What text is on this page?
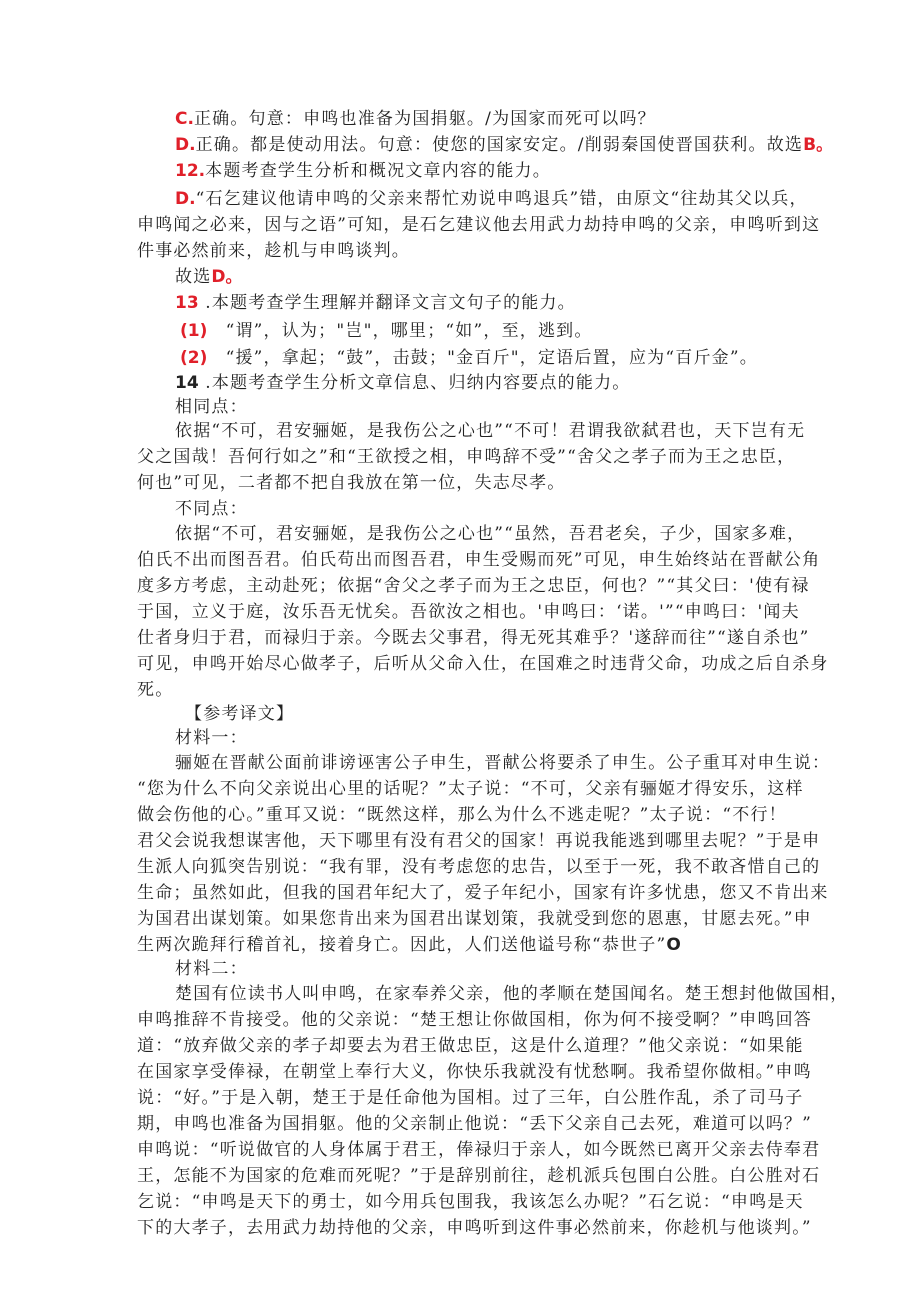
C.正确。句意：申鸣也准备为国捐躯。/为国家而死可以吗？
D.正确。都是使动用法。句意：使您的国家安定。/削弱秦国使晋国获利。故选B。
12.本题考查学生分析和概况文章内容的能力。
D.“石乞建议他请申鸣的父亲来帮忙劝说申鸣退兵”错，由原文“往劫其父以兵，
申鸣闻之必来，因与之语”可知，是石乞建议他去用武力劫持申鸣的父亲，申鸣听到这
件事必然前来，趁机与申鸣谈判。
故选D。
13 .本题考查学生理解并翻译文言文句子的能力。
(1)　“谓”，认为；"岂"，哪里；“如”，至，逃到。
(2)　“援”，拿起；“鼓”，击鼓；"金百斤"，定语后置，应为“百斤金”。
14 .本题考查学生分析文章信息、归纳内容要点的能力。
相同点：
依据“不可，君安骊姬，是我伤公之心也”“不可！君谓我欲弑君也，天下岂有无
父之国哉！吾何行如之”和“王欲授之相，申鸣辞不受”“舍父之孝子而为王之忠臣，
何也”可见，二者都不把自我放在第一位，失志尽孝。
不同点：
依据“不可，君安骊姬，是我伤公之心也”“虽然，吾君老矣，子少，国家多难，
伯氏不出而图吾君。伯氏苟出而图吾君，申生受赐而死”可见，申生始终站在晋献公角
度多方考虑，主动赴死；依据“舍父之孝子而为王之忠臣，何也？”“其父曰：'使有禄
于国，立义于庭，汝乐吾无忧矣。吾欲汝之相也。'申鸣曰：‘诺。'”“申鸣曰：'闻夫
仕者身归于君，而禄归于亲。今既去父事君，得无死其难乎？'遂辞而往”“遂自杀也”
可见，申鸣开始尽心做孝子，后听从父命入仕，在国难之时违背父命，功成之后自杀身
死。
【参考译文】
材料一：
骊姬在晋献公面前诽谤诬害公子申生，晋献公将要杀了申生。公子重耳对申生说：
“您为什么不向父亲说出心里的话呢？”太子说：“不可，父亲有骊姬才得安乐，这样
做会伤他的心。”重耳又说：“既然这样，那么为什么不逃走呢？”太子说：“不行！
君父会说我想谋害他，天下哪里有没有君父的国家！再说我能逃到哪里去呢？”于是申
生派人向狐突告别说：“我有罪，没有考虑您的忠告，以至于一死，我不敢吝惜自己的
生命；虽然如此，但我的国君年纪大了，爱子年纪小，国家有许多忧患，您又不肯出来
为国君出谋划策。如果您肯出来为国君出谋划策，我就受到您的恩惠，甘愿去死。”申
生两次跪拜行稽首礼，接着身亡。因此，人们送他谥号称“恭世子”O
材料二：
楚国有位读书人叫申鸣，在家奉养父亲，他的孝顺在楚国闻名。楚王想封他做国相，
申鸣推辞不肯接受。他的父亲说：“楚王想让你做国相，你为何不接受啊？”申鸣回答
道：“放弃做父亲的孝子却要去为君王做忠臣，这是什么道理？”他父亲说：“如果能
在国家享受俸禄，在朝堂上奉行大义，你快乐我就没有忧愁啊。我希望你做相。”申鸣
说：“好。”于是入朝，楚王于是任命他为国相。过了三年，白公胜作乱，杀了司马子
期，申鸣也准备为国捐躯。他的父亲制止他说：“丢下父亲自己去死，难道可以吗？”
申鸣说：“听说做官的人身体属于君王，俸禄归于亲人，如今既然已离开父亲去侍奉君
王，怎能不为国家的危难而死呢？”于是辞别前往，趁机派兵包围白公胜。白公胜对石
乞说：“申鸣是天下的勇士，如今用兵包围我，我该怎么办呢？”石乞说：“申鸣是天
下的大孝子，去用武力劫持他的父亲，申鸣听到这件事必然前来，你趁机与他谈判。”
